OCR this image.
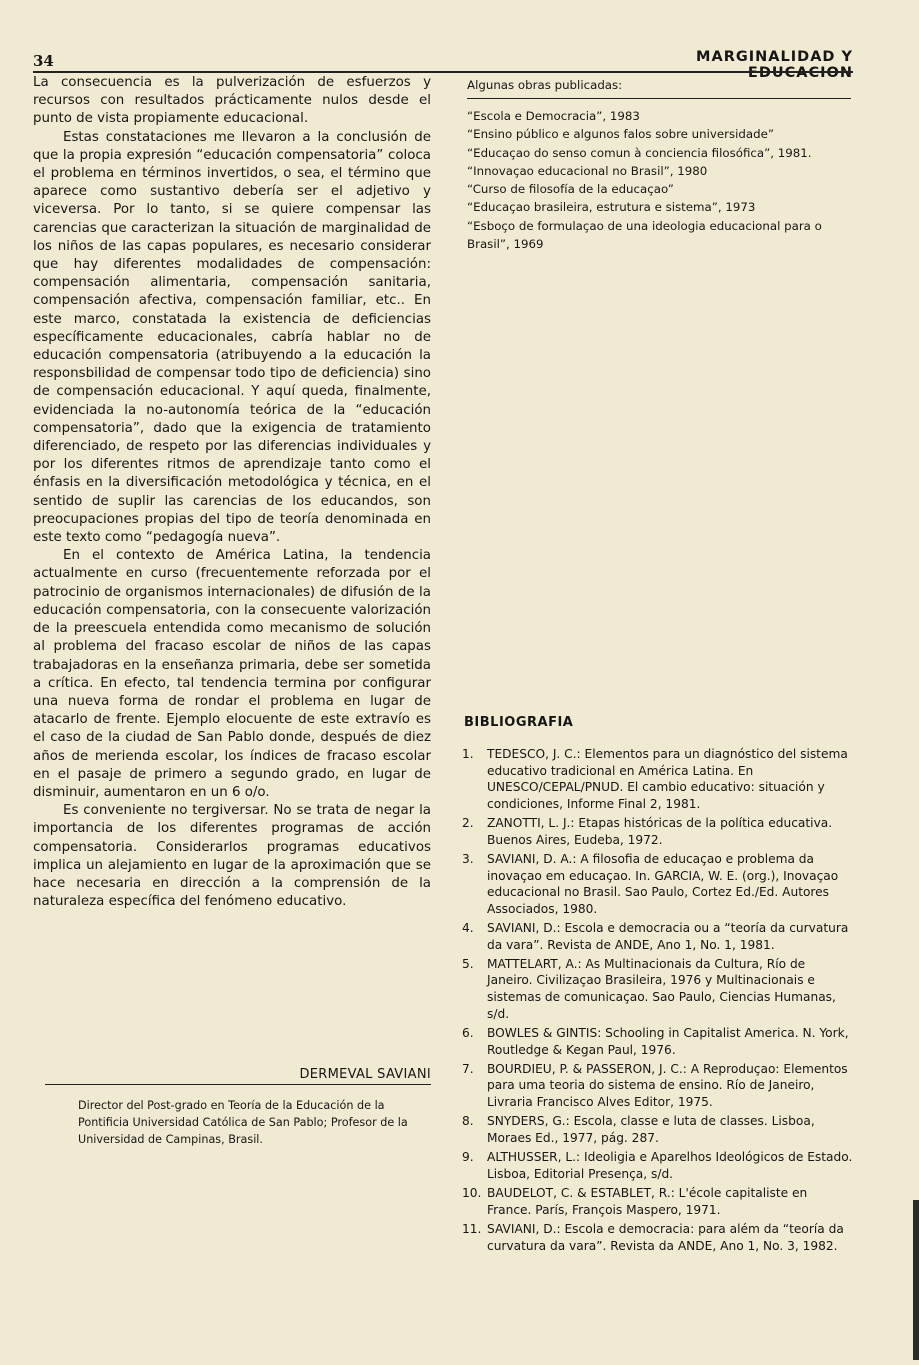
34	MARGINALIDAD Y EDUCACION

La consecuencia es la pulverización de esfuerzos y recursos con resultados prácticamente nulos desde el punto de vista propiamente educacional.

Estas constataciones me llevaron a la conclusión de que la propia expresión “educación compensatoria” coloca el problema en términos invertidos, o sea, el término que aparece como sustantivo debería ser el adjetivo y viceversa. Por lo tanto, si se quiere compensar las carencias que caracterizan la situación de marginalidad de los niños de las capas populares, es necesario considerar que hay diferentes modalidades de compensación: compensación alimentaria, compensación sanitaria, compensación afectiva, compensación familiar, etc.. En este marco, constatada la existencia de deficiencias específicamente educacionales, cabría hablar no de educación compensatoria (atribuyendo a la educación la responsbilidad de compensar todo tipo de deficiencia) sino de compensación educacional. Y aquí queda, finalmente, evidenciada la no-autonomía teórica de la “educación compensatoria”, dado que la exigencia de tratamiento diferenciado, de respeto por las diferencias individuales y por los diferentes ritmos de aprendizaje tanto como el énfasis en la diversificación metodológica y técnica, en el sentido de suplir las carencias de los educandos, son preocupaciones propias del tipo de teoría denominada en este texto como “pedagogía nueva”.

En el contexto de América Latina, la tendencia actualmente en curso (frecuentemente reforzada por el patrocinio de organismos internacionales) de difusión de la educación compensatoria, con la consecuente valorización de la preescuela entendida como mecanismo de solución al problema del fracaso escolar de niños de las capas trabajadoras en la enseñanza primaria, debe ser sometida a crítica. En efecto, tal tendencia termina por configurar una nueva forma de rondar el problema en lugar de atacarlo de frente. Ejemplo elocuente de este extravío es el caso de la ciudad de San Pablo donde, después de diez años de merienda escolar, los índices de fracaso escolar en el pasaje de primero a segundo grado, en lugar de disminuir, aumentaron en un 6 o/o.

Es conveniente no tergiversar. No se trata de negar la importancia de los diferentes programas de acción compensatoria. Considerarlos programas educativos implica un alejamiento en lugar de la aproximación que se hace necesaria en dirección a la comprensión de la naturaleza específica del fenómeno educativo.

DERMEVAL SAVIANI
Director del Post-grado en Teoría de la Educación de la Pontificia Universidad Católica de San Pablo; Profesor de la Universidad de Campinas, Brasil.
Algunas obras publicadas:
“Escola e Democracia”, 1983
“Ensino público e algunos falos sobre universidade”
“Educaçao do senso comun à conciencia filosófica”, 1981.
“Innovaçao educacional no Brasil”, 1980
“Curso de filosofía de la educaçao”
“Educaçao brasileira, estrutura e sistema”, 1973
“Esboço de formulaçao de una ideologia educacional para o Brasil”, 1969
BIBLIOGRAFIA
1.	TEDESCO, J. C.: Elementos para un diagnóstico del sistema educativo tradicional en América Latina. En UNESCO/CEPAL/PNUD. El cambio educativo: situación y condiciones, Informe Final 2, 1981.
2.	ZANOTTI, L. J.: Etapas históricas de la política educativa. Buenos Aires, Eudeba, 1972.
3.	SAVIANI, D. A.: A filosofia de educaçao e problema da inovaçao em educaçao. In. GARCIA, W. E. (org.), Inovaçao educacional no Brasil. Sao Paulo, Cortez Ed./Ed. Autores Associados, 1980.
4.	SAVIANI, D.: Escola e democracia ou a “teoría da curvatura da vara”. Revista de ANDE, Ano 1, No. 1, 1981.
5.	MATTELART, A.: As Multinacionais da Cultura, Río de Janeiro. Civilizaçao Brasileira, 1976 y Multinacionais e sistemas de comunicaçao. Sao Paulo, Ciencias Humanas, s/d.
6.	BOWLES & GINTIS: Schooling in Capitalist America. N. York, Routledge & Kegan Paul, 1976.
7.	BOURDIEU, P. & PASSERON, J. C.: A Reproduçao: Elementos para uma teoria do sistema de ensino. Río de Janeiro, Livraria Francisco Alves Editor, 1975.
8.	SNYDERS, G.: Escola, classe e luta de classes. Lisboa, Moraes Ed., 1977, pág. 287.
9.	ALTHUSSER, L.: Ideoligia e Aparelhos Ideológicos de Estado. Lisboa, Editorial Presença, s/d.
10. BAUDELOT, C. & ESTABLET, R.: L'école capitaliste en France. París, François Maspero, 1971.
11. SAVIANI, D.: Escola e democracia: para além da “teoría da curvatura da vara”. Revista da ANDE, Ano 1, No. 3, 1982.
